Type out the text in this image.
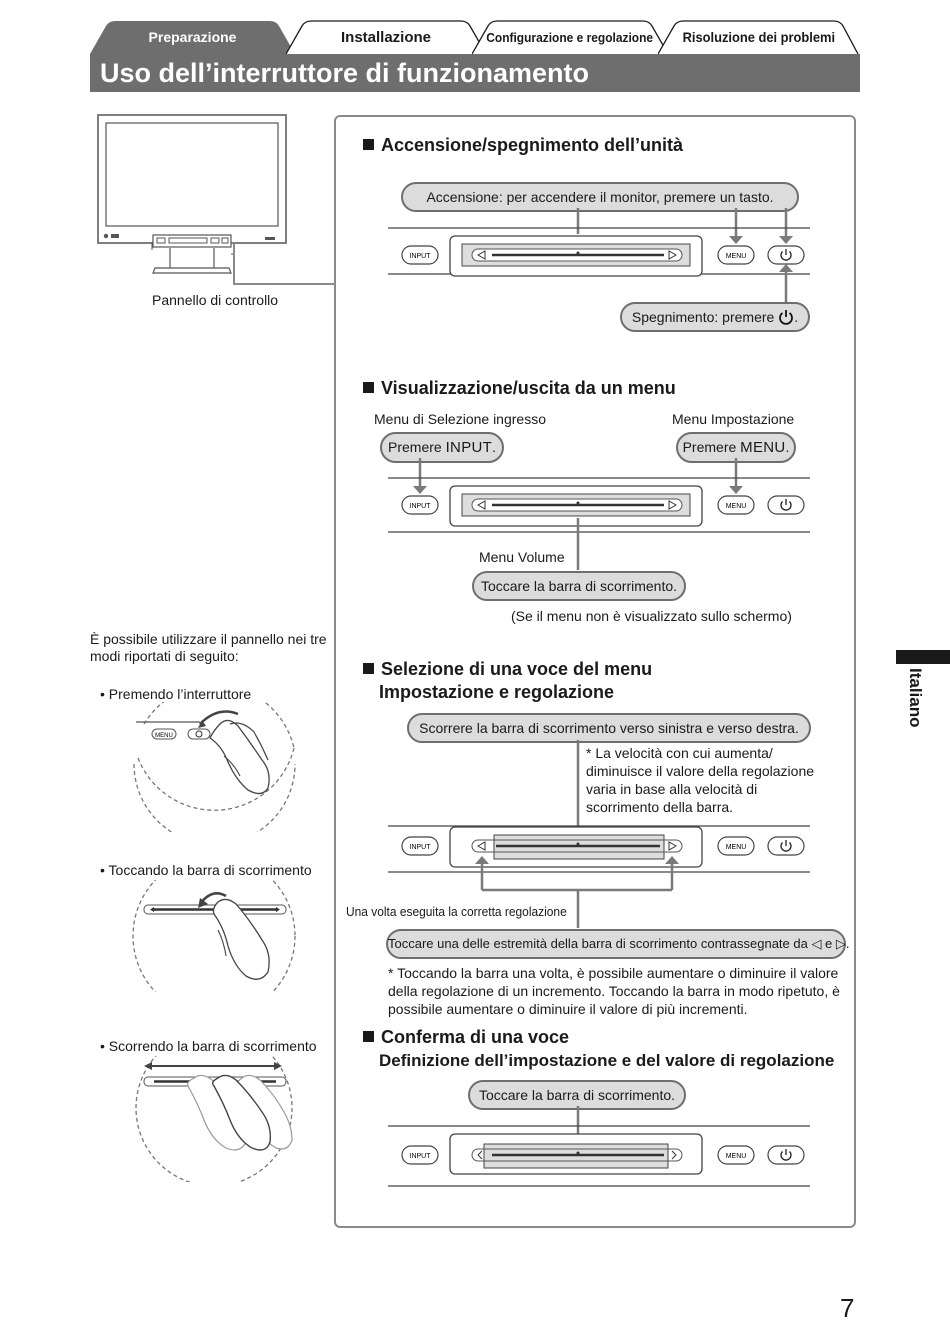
Preparazione	Installazione	Configurazione e regolazione Risoluzione dei problemi
Uso dell’interruttore di funzionamento
Pannello di controllo
È possibile utilizzare il pannello nei tre modi riportati di seguito:
• Premendo l’interruttore
• Toccando la barra di scorrimento
• Scorrendo la barra di scorrimento
MENU
Accensione/spegnimento dell’unità
Accensione: per accendere il monitor, premere un tasto.
INPUT	MENU
Spegnimento: premere .
Visualizzazione/uscita da un menu
Menu di Selezione ingresso	Menu Impostazione
Premere INPUT.	Premere MENU.
INPUT	MENU
Menu Volume
Toccare la barra di scorrimento.
(Se il menu non è visualizzato sullo schermo)
Selezione di una voce del menu
Impostazione e regolazione
Scorrere la barra di scorrimento verso sinistra e verso destra.
* La velocità con cui aumenta/ diminuisce il valore della regolazione varia in base alla velocità di scorrimento della barra.
INPUT	MENU
Una volta eseguita la corretta regolazione
Toccare una delle estremità della barra di scorrimento contrassegnate da ◁ e ▷.
* Toccando la barra una volta, è possibile aumentare o diminuire il valore della regolazione di un incremento. Toccando la barra in modo ripetuto, è possibile aumentare o diminuire il valore di più incrementi.
Conferma di una voce
Definizione dell’impostazione e del valore di regolazione
Toccare la barra di scorrimento.
INPUT	MENU
Italiano
7
